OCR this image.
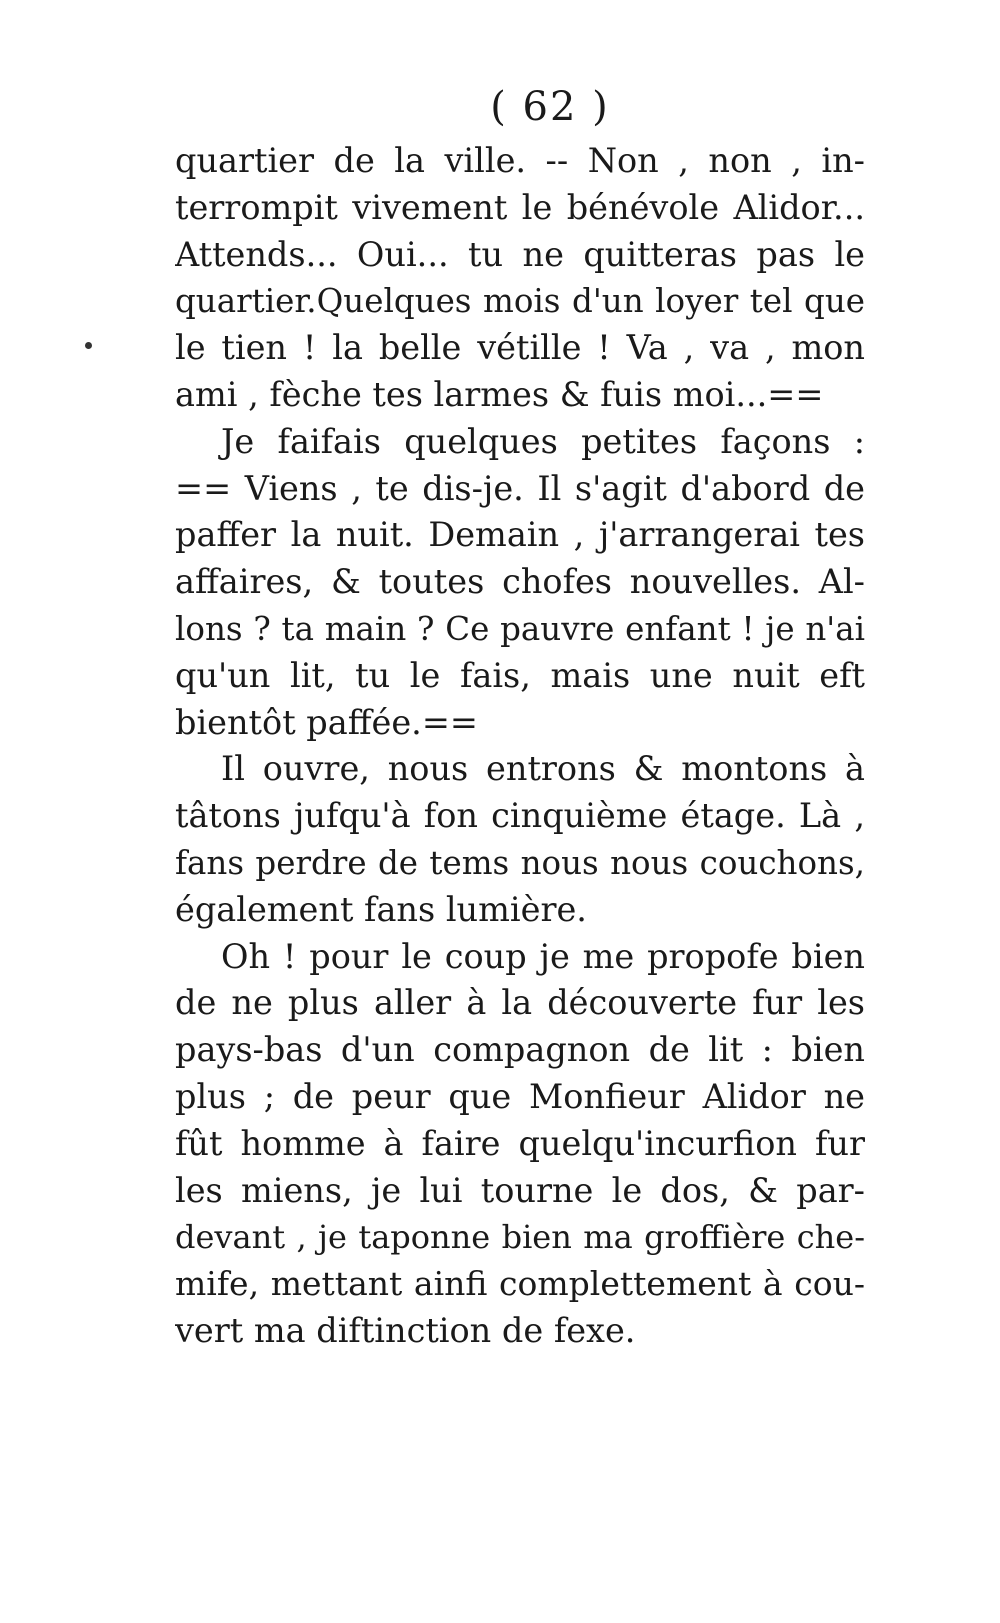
( 62 )
quartier de la ville. -- Non , non , in-
terrompit vivement le bénévole Alidor...
Attends... Oui... tu ne quitteras pas le
quartier.Quelques mois d'un loyer tel que
le tien ! la belle vétille ! Va , va , mon
ami , fèche tes larmes & fuis moi...==
Je faifais quelques petites façons :
== Viens , te dis-je. Il s'agit d'abord de
paffer la nuit. Demain , j'arrangerai tes
affaires, & toutes chofes nouvelles. Al-
lons ? ta main ? Ce pauvre enfant ! je n'ai
qu'un lit, tu le fais, mais une nuit eft
bientôt paffée.==
Il ouvre, nous entrons & montons à
tâtons jufqu'à fon cinquième étage. Là ,
fans perdre de tems nous nous couchons,
également fans lumière.
Oh ! pour le coup je me propofe bien
de ne plus aller à la découverte fur les
pays-bas d'un compagnon de lit : bien
plus ; de peur que Monfieur Alidor ne
fût homme à faire quelqu'incurfion fur
les miens, je lui tourne le dos, & par-
devant , je taponne bien ma groffière che-
mife, mettant ainfi complettement à cou-
vert ma diftinction de fexe.
